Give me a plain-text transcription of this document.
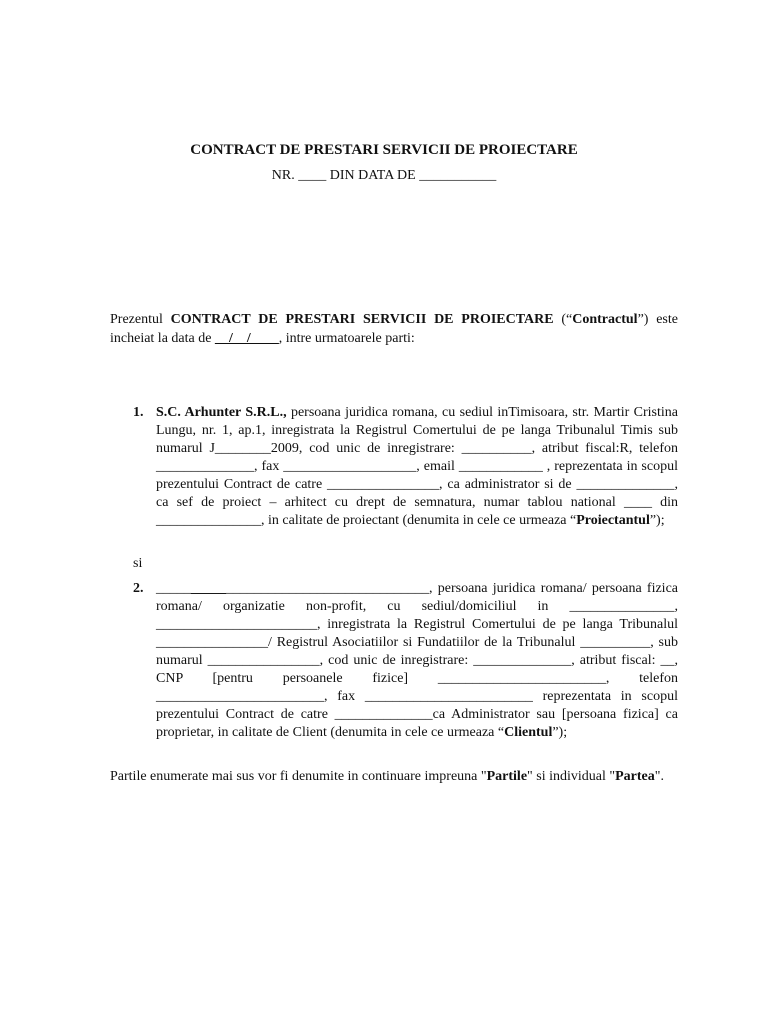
CONTRACT DE PRESTARI SERVICII DE PROIECTARE
NR. ____ DIN DATA DE ___________
Prezentul CONTRACT DE PRESTARI SERVICII DE PROIECTARE (“Contractul”) este incheiat la data de __/__/____, intre urmatoarele parti:
1. S.C. Arhunter S.R.L., persoana juridica romana, cu sediul inTimisoara, str. Martir Cristina Lungu, nr. 1, ap.1, inregistrata la Registrul Comertului de pe langa Tribunalul Timis sub numarul J________2009, cod unic de inregistrare: __________, atribut fiscal:R, telefon ______________, fax ___________________, email ____________ , reprezentata in scopul prezentului Contract de catre ________________, ca administrator si de ______________, ca sef de proiect – arhitect cu drept de semnatura, numar tablou national ____ din _______________, in calitate de proiectant (denumita in cele ce urmeaza “Proiectantul”);
si
2. _______________________________________, persoana juridica romana/ persoana fizica romana/ organizatie non-profit, cu sediul/domiciliul in _______________, _______________________, inregistrata la Registrul Comertului de pe langa Tribunalul ________________/ Registrul Asociatiilor si Fundatiilor de la Tribunalul __________, sub numarul ________________, cod unic de inregistrare: ______________, atribut fiscal: __, CNP [pentru persoanele fizice] ________________________, telefon ________________________, fax ________________________ reprezentata in scopul prezentului Contract de catre ______________ca Administrator sau [persoana fizica] ca proprietar, in calitate de Client (denumita in cele ce urmeaza “Clientul”);
Partile enumerate mai sus vor fi denumite in continuare impreuna "Partile" si individual "Partea".
